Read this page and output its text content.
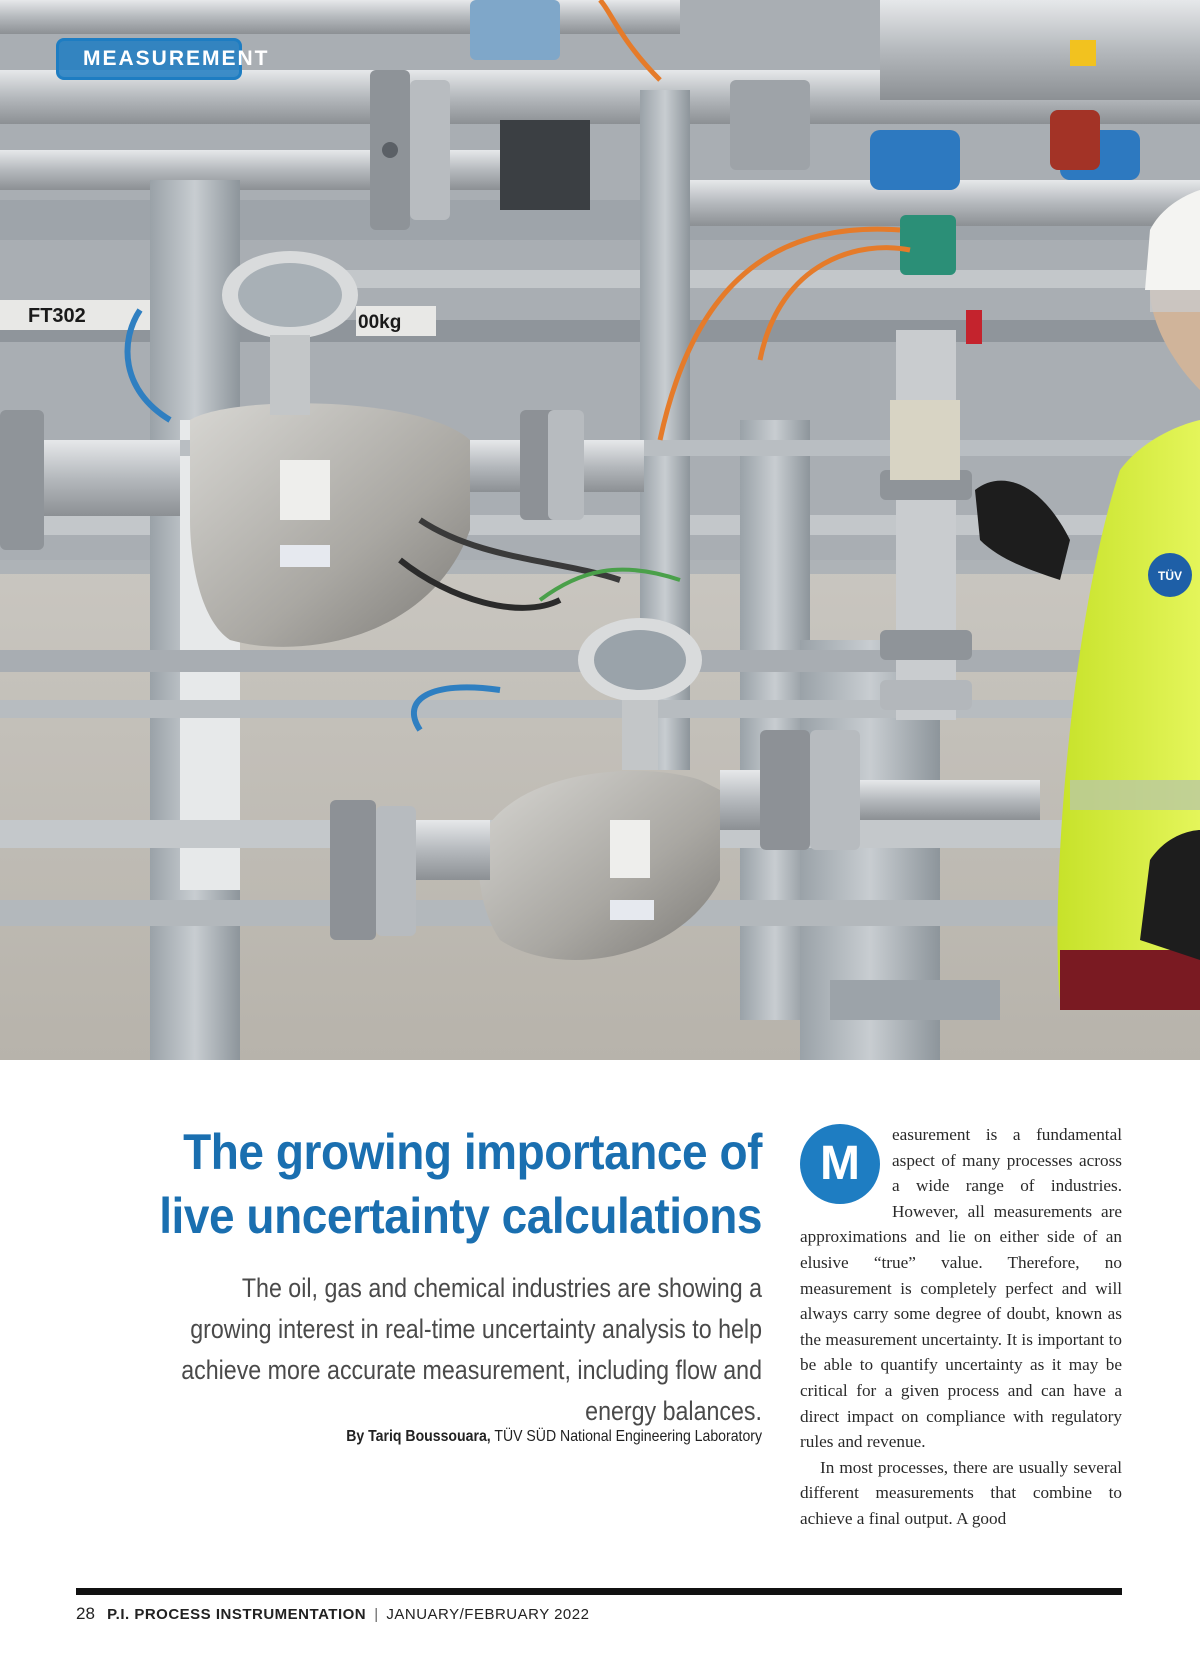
FT302	00kg
TÜV
MEASUREMENT
The growing importance of
live uncertainty calculations

The oil, gas and chemical industries are showing a growing interest in real-time uncertainty analysis to help achieve more accurate measurement, including flow and energy balances.

By Tariq Boussouara, TÜV SÜD National Engineering Laboratory
M

easurement is a fundamental aspect of many processes across a wide range of industries. However, all measurements are approximations and lie on either side of an elusive “true” value. Therefore, no measurement is completely perfect and will always carry some degree of doubt, known as the measurement uncertainty. It is important to be able to quantify uncertainty as it may be critical for a given process and can have a direct impact on compliance with regulatory rules and revenue.

In most processes, there are usually several different measurements that combine to achieve a final output. A good

28 P.I. PROCESS INSTRUMENTATION | JANUARY/FEBRUARY 2022
